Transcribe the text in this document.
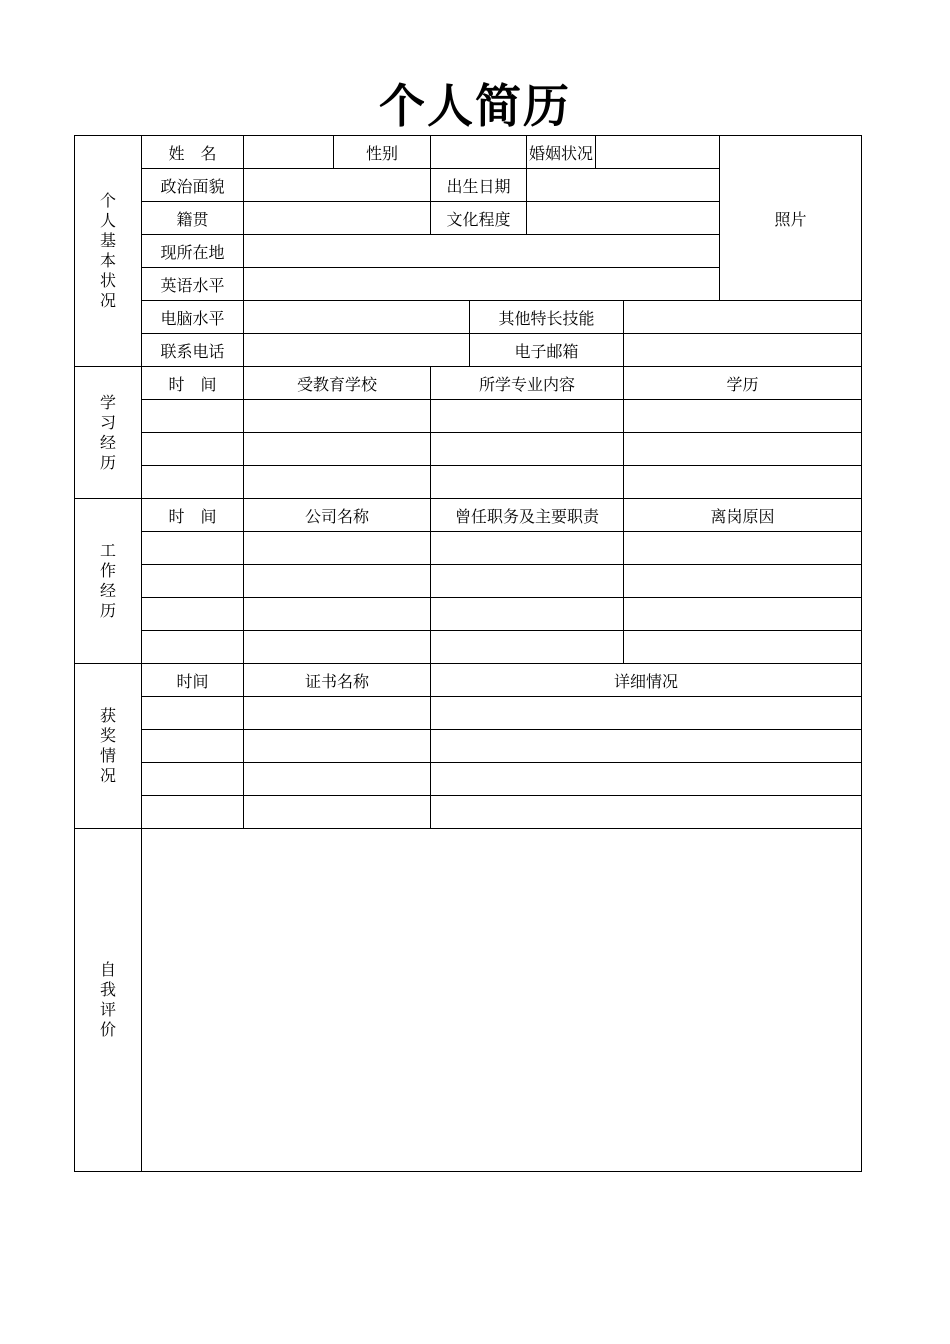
个人简历
个人基本状况	姓　名		性别			婚姻状况			照片
	政治面貌			出生日期					
	籍贯			文化程度					
	现所在地								
	英语水平								
	电脑水平				其他特长技能				
	联系电话				电子邮箱				
学习经历	时　间	受教育学校		所学专业内容				学历	

工作经历	时　间	公司名称		曾任职务及主要职责				离岗原因	

获奖情况	时间	证书名称		详细情况					

自我评价									
